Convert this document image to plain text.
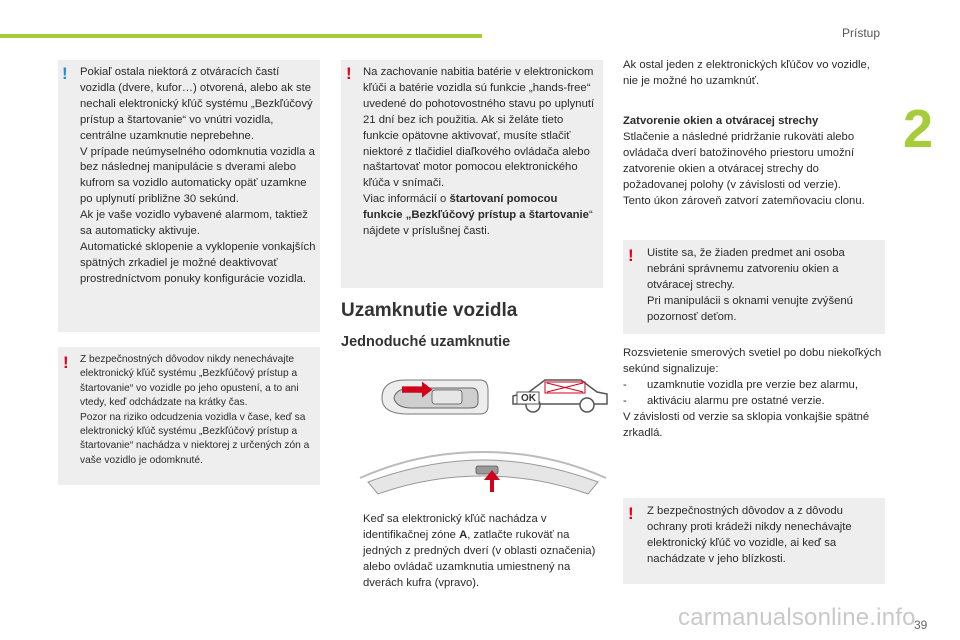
Prístup
2
ǃ Pokiaľ ostala niektorá z otváracích častí vozidla (dvere, kufor…) otvorená, alebo ak ste nechali elektronický kľúč systému „Bezkľúčový prístup a štartovanie“ vo vnútri vozidla, centrálne uzamknutie neprebehne.
V prípade neúmyselného odomknutia vozidla a bez následnej manipulácie s dverami alebo kufrom sa vozidlo automaticky opäť uzamkne po uplynutí približne 30 sekúnd.
Ak je vaše vozidlo vybavené alarmom, taktiež sa automaticky aktivuje.
Automatické sklopenie a vyklopenie vonkajších spätných zrkadiel je možné deaktivovať prostredníctvom ponuky konfigurácie vozidla.

! Z bezpečnostných dôvodov nikdy nenechávajte elektronický kľúč systému „Bezkľúčový prístup a štartovanie“ vo vozidle po jeho opustení, a to ani vtedy, keď odchádzate na krátky čas.
Pozor na riziko odcudzenia vozidla v čase, keď sa elektronický kľúč systému „Bezkľúčový prístup a štartovanie“ nachádza v niektorej z určených zón a vaše vozidlo je odomknuté.

! Na zachovanie nabitia batérie v elektronickom kľúči a batérie vozidla sú funkcie „hands-free“ uvedené do pohotovostného stavu po uplynutí 21 dní bez ich použitia. Ak si želáte tieto funkcie opätovne aktivovať, musíte stlačiť niektoré z tlačidiel diaľkového ovládača alebo naštartovať motor pomocou elektronického kľúča v snímači.
Viac informácií o štartovaní pomocou funkcie „Bezkľúčový prístup a štartovanie“ nájdete v príslušnej časti.

Uzamknutie vozidla
Jednoduché uzamknutie
OK
Keď sa elektronický kľúč nachádza v identifikačnej zóne A, zatlačte rukoväť na jedných z predných dverí (v oblasti označenia) alebo ovládač uzamknutia umiestnený na dverách kufra (vpravo).
Ak ostal jeden z elektronických kľúčov vo vozidle, nie je možné ho uzamknúť.
Zatvorenie okien a otváracej strechy
Stlačenie a následné pridržanie rukoväti alebo ovládača dverí batožinového priestoru umožní zatvorenie okien a otváracej strechy do požadovanej polohy (v závislosti od verzie).
Tento úkon zároveň zatvorí zatemňovaciu clonu.
! Uistite sa, že žiaden predmet ani osoba nebráni správnemu zatvoreniu okien a otváracej strechy.
Pri manipulácii s oknami venujte zvýšenú pozornosť deťom.

Rozsvietenie smerových svetiel po dobu niekoľkých sekúnd signalizuje:
- uzamknutie vozidla pre verzie bez alarmu,
- aktiváciu alarmu pre ostatné verzie.
V závislosti od verzie sa sklopia vonkajšie spätné zrkadlá.
! Z bezpečnostných dôvodov a z dôvodu ochrany proti krádeži nikdy nenechávajte elektronický kľúč vo vozidle, ai keď sa nachádzate v jeho blízkosti.

carmanualsonline.info
39
